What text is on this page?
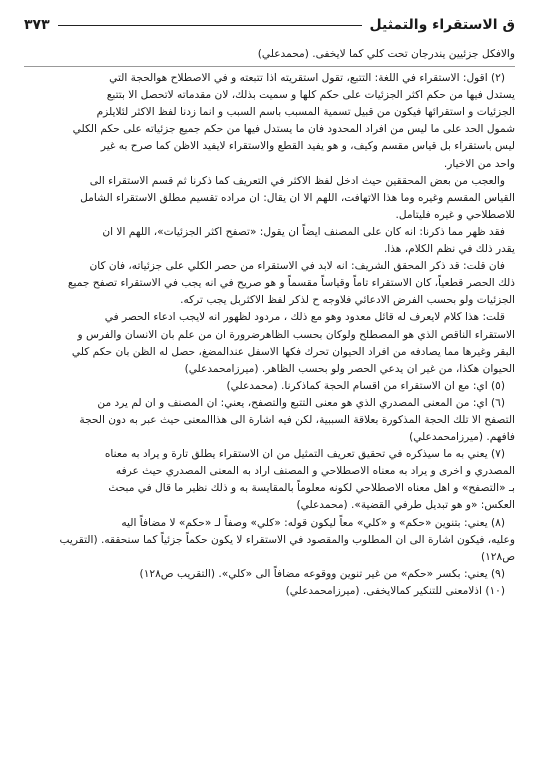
ق الاستقراء والتمثيل
٣٧٣

والافكل جزئيين يندرجان تحت كلي كما لايخفى. (محمدعلي)

(٢) اقول: الاستقراء في اللغة: التتبع، تقول استقريته اذا تتبعته و في الاصطلاح هوالحجة التي

يستدل فيها من حكم اكثر الجزئيات على حكم كلها و سميت بذلك، لان مقدماته لاتحصل الا بتتبع

الجزئيات و استقرائها فيكون من قبيل تسمية المسبب باسم السبب و انما زدنا لفظ الاكثر لئلايلزم

شمول الحد على ما ليس من افراد المحدود فان ما يستدل فيها من حكم جميع جزئياته على حكم الكلي

ليس باستقراء بل قياس مقسم وكيف، و هو يفيد القطع والاستقراء لايفيد الاظن كما صرح به غير

واحد من الاخيار.

والعجب من بعض المحققين حيث ادخل لفظ الاكثر في التعريف كما ذكرنا ثم قسم الاستقراء الى

القياس المقسم وغيره وما هذا الاتهافت، اللهم الا ان يقال: ان مراده تقسيم مطلق الاستقراء الشامل

للاصطلاحي و غيره فليتامل.

فقد ظهر مما ذكرنا: انه كان على المصنف ايضاً ان يقول: «تصفح اكثر الجزئيات»، اللهم الا ان

يقدر ذلك في نظم الكلام، هذا.

فان قلت: قد ذكر المحقق الشريف: انه لابد في الاستقراء من حصر الكلي على جزئياته، فان كان

ذلك الحصر قطعياً، كان الاستقراء تاماً وقياساً مقسماً و هو صريح في انه يجب في الاستقراء تصفح جميع

الجزئيات ولو بحسب الفرض الادعائي فلاوجه ح لذكر لفظ الاكثربل يجب تركه.

قلت: هذا كلام لايعرف له قائل معدود وهو مع ذلك ، مردود لظهور انه لايجب ادعاء الحصر في

الاستقراء الناقص الذي هو المصطلح ولوكان بحسب الظاهرضرورة ان من علم بان الانسان والفرس و

البقر وغيرها مما يصادفه من افراد الحيوان تحرك فكها الاسفل عندالمضغ، حصل له الظن بان حكم كلي

الحيوان هكذا، من غير ان يدعي الحصر ولو بحسب الظاهر. (ميرزامحمدعلي)

(٥) اي: مع ان الاستقراء من اقسام الحجة كماذكرنا. (محمدعلي)

(٦) اي: من المعنى المصدري الذي هو معنى التتبع والتصفح، يعني: ان المصنف و ان لم يرد من

التصفح الا تلك الحجة المذكورة بعلاقة السببية، لكن فيه اشارة الى هذاالمعنى حيث عبر به دون الحجة

فافهم. (ميرزامحمدعلي)

(٧) يعني به ما سيذكره في تحقيق تعريف التمثيل من ان الاستقراء يطلق تارة و يراد به معناه

المصدري و اخرى و يراد به معناه الاصطلاحي و المصنف اراد به المعنى المصدري حيث عرفه

بـ «التصفح» و اهل معناه الاصطلاحي لكونه معلوماً بالمقايسة به و ذلك نظير ما قال في مبحث

العكس: «و هو تبديل طرفي القضية». (محمدعلي)

(٨) يعني: بتنوين «حكم» و «كلي» معاً ليكون قوله: «كلي» وصفاً لـ «حكم» لا مضافاً اليه

وعليه، فيكون اشارة الى ان المطلوب والمقصود في الاستقراء لا يكون حكماً جزئياً كما سنحققه. (التقريب

ص١٢٨)

(٩) يعني: بكسر «حكم» من غير تنوين ووقوعه مضافاً الى «كلي». (التقريب ص١٢٨)

(١٠) اذلامعنى للتنكير كمالايخفى. (ميرزامحمدعلي)
